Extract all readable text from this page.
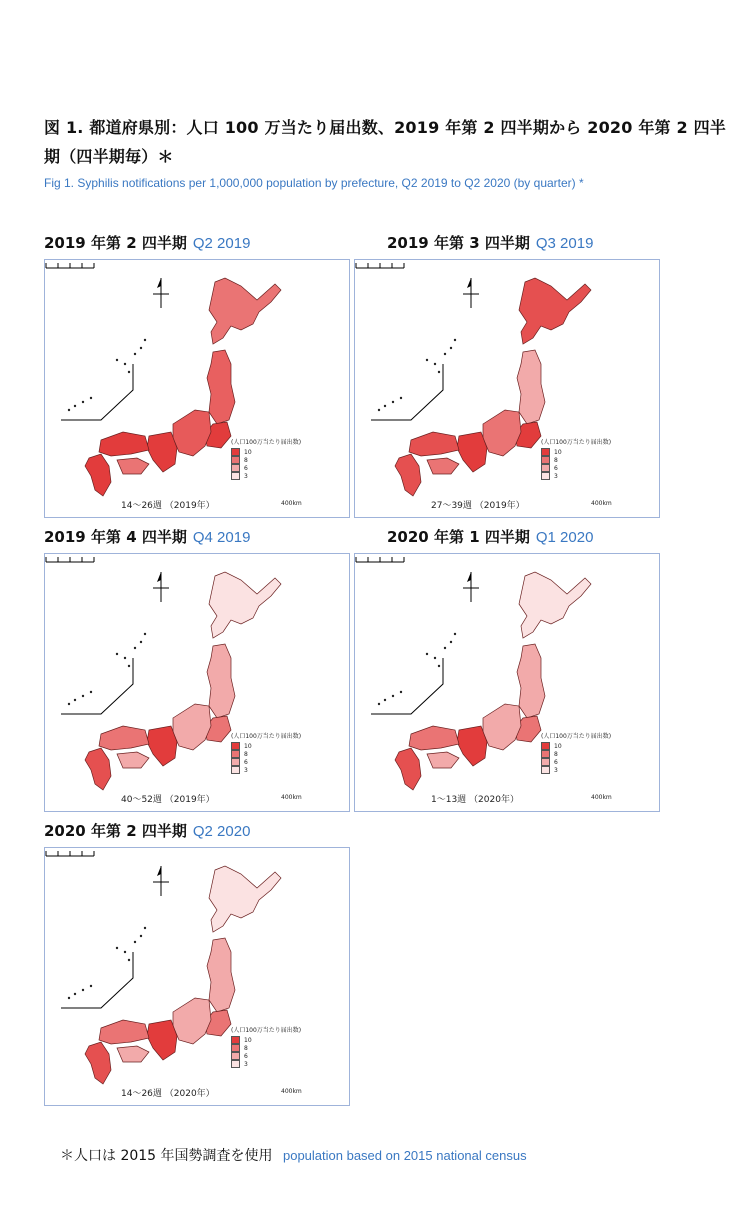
図 1. 都道府県別：人口 100 万当たり届出数、2019 年第 2 四半期から 2020 年第 2 四半期（四半期毎）＊
Fig 1. Syphilis notifications per 1,000,000 population by prefecture, Q2 2019 to Q2 2020 (by quarter) *
2019 年第 2 四半期 Q2 2019
(人口100万当たり届出数)
10
8
6
3
14～26週 （2019年）	400km
2019 年第 3 四半期 Q3 2019
(人口100万当たり届出数)
10
8
6
3
27～39週 （2019年）	400km
2019 年第 4 四半期 Q4 2019
(人口100万当たり届出数)
10
8
6
3
40～52週 （2019年）	400km
2020 年第 1 四半期 Q1 2020
(人口100万当たり届出数)
10
8
6
3
1～13週 （2020年）	400km
2020 年第 2 四半期 Q2 2020
(人口100万当たり届出数)
10
8
6
3
14～26週 （2020年）	400km
＊人口は 2015 年国勢調査を使用 population based on 2015 national census
